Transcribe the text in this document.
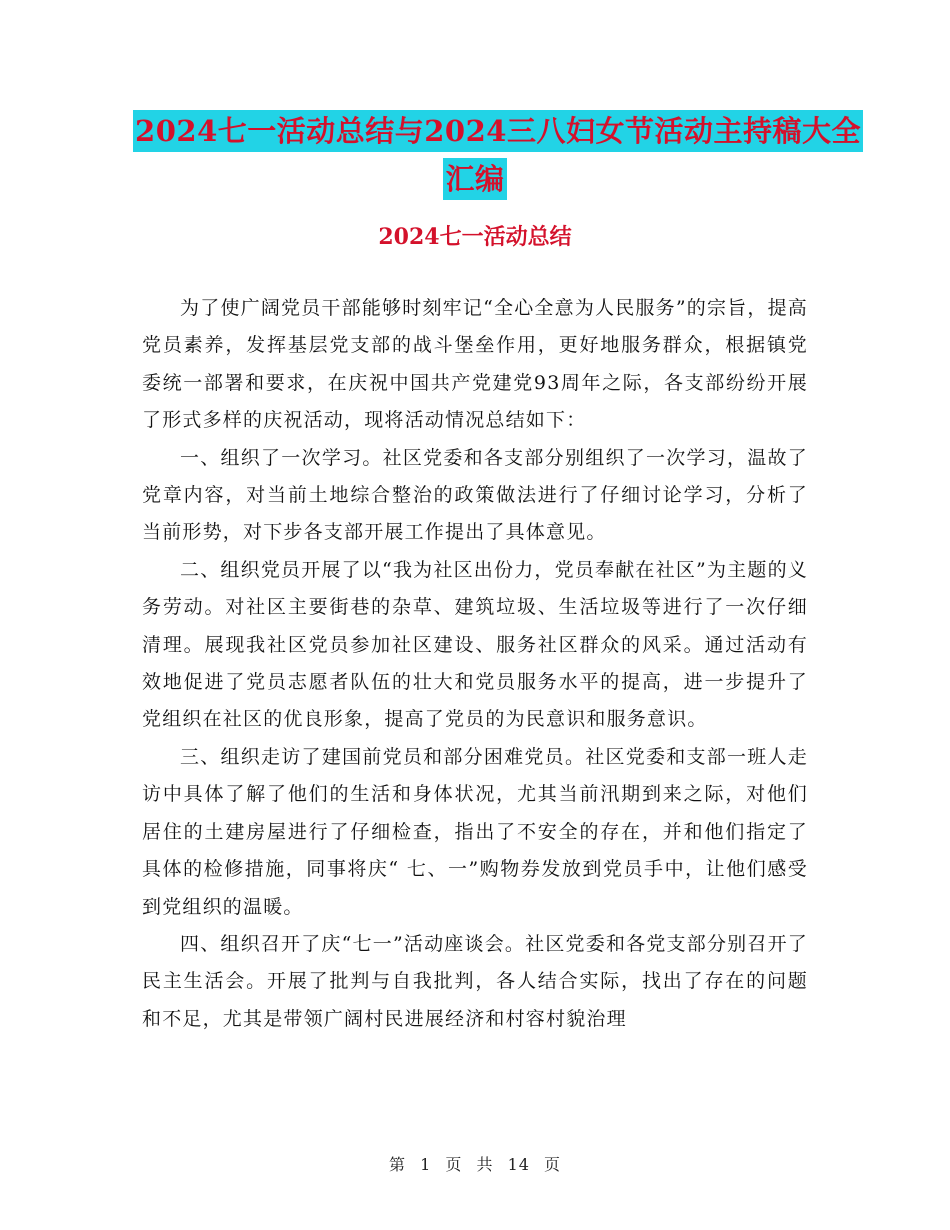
2024七一活动总结与2024三八妇女节活动主持稿大全
汇编
2024七一活动总结

为了使广阔党员干部能够时刻牢记“全心全意为人民服务”的宗旨，提高党员素养，发挥基层党支部的战斗堡垒作用，更好地服务群众，根据镇党委统一部署和要求，在庆祝中国共产党建党93周年之际，各支部纷纷开展了形式多样的庆祝活动，现将活动情况总结如下：

一、组织了一次学习。社区党委和各支部分别组织了一次学习，温故了党章内容，对当前土地综合整治的政策做法进行了仔细讨论学习，分析了当前形势，对下步各支部开展工作提出了具体意见。

二、组织党员开展了以“我为社区出份力，党员奉献在社区”为主题的义务劳动。对社区主要街巷的杂草、建筑垃圾、生活垃圾等进行了一次仔细清理。展现我社区党员参加社区建设、服务社区群众的风采。通过活动有效地促进了党员志愿者队伍的壮大和党员服务水平的提高，进一步提升了党组织在社区的优良形象，提高了党员的为民意识和服务意识。

三、组织走访了建国前党员和部分困难党员。社区党委和支部一班人走访中具体了解了他们的生活和身体状况，尤其当前汛期到来之际，对他们居住的土建房屋进行了仔细检查，指出了不安全的存在，并和他们指定了具体的检修措施，同事将庆“ 七、一”购物券发放到党员手中，让他们感受到党组织的温暖。

四、组织召开了庆“七一”活动座谈会。社区党委和各党支部分别召开了民主生活会。开展了批判与自我批判，各人结合实际，找出了存在的问题和不足，尤其是带领广阔村民进展经济和村容村貌治理

第 1 页 共 14 页
